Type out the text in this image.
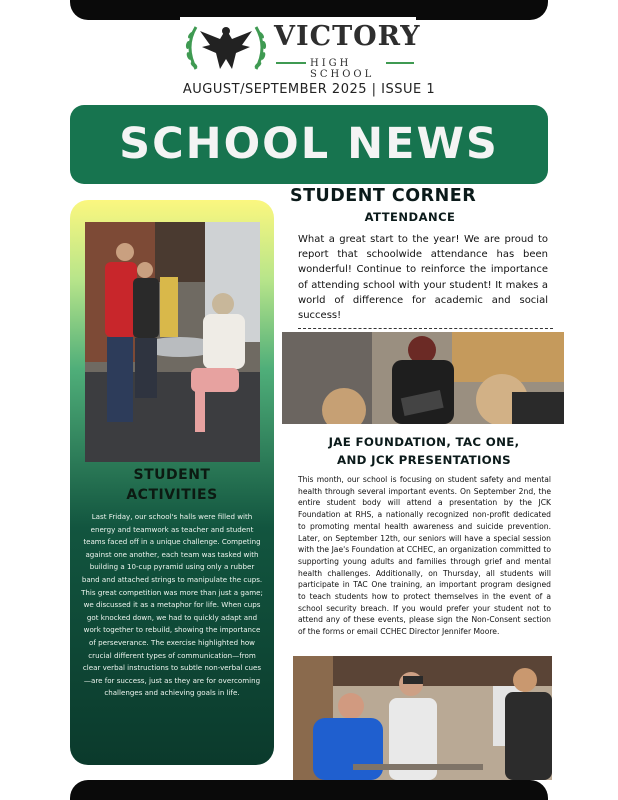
VICTORY
HIGH SCHOOL
AUGUST/SEPTEMBER 2025 | ISSUE 1
SCHOOL NEWS
STUDENT
ACTIVITIES
Last Friday, our school's halls were filled with energy and teamwork as teacher and student teams faced off in a unique challenge. Competing against one another, each team was tasked with building a 10-cup pyramid using only a rubber band and attached strings to manipulate the cups. This great competition was more than just a game; we discussed it as a metaphor for life. When cups got knocked down, we had to quickly adapt and work together to rebuild, showing the importance of perseverance. The exercise highlighted how crucial different types of communication—from clear verbal instructions to subtle non-verbal cues—are for success, just as they are for overcoming challenges and achieving goals in life.
STUDENT CORNER
ATTENDANCE
What a great start to the year! We are proud to report that schoolwide attendance has been wonderful! Continue to reinforce the importance of attending school with your student! It makes a world of difference for academic and social success!
JAE FOUNDATION, TAC ONE,
AND JCK PRESENTATIONS
This month, our school is focusing on student safety and mental health through several important events. On September 2nd, the entire student body will attend a presentation by the JCK Foundation at RHS, a nationally recognized non-profit dedicated to promoting mental health awareness and suicide prevention. Later, on September 12th, our seniors will have a special session with the Jae's Foundation at CCHEC, an organization committed to supporting young adults and families through grief and mental health challenges. Additionally, on Thursday, all students will participate in TAC One training, an important program designed to teach students how to protect themselves in the event of a school security breach. If you would prefer your student not to attend any of these events, please sign the Non-Consent section of the forms or email CCHEC Director Jennifer Moore.
